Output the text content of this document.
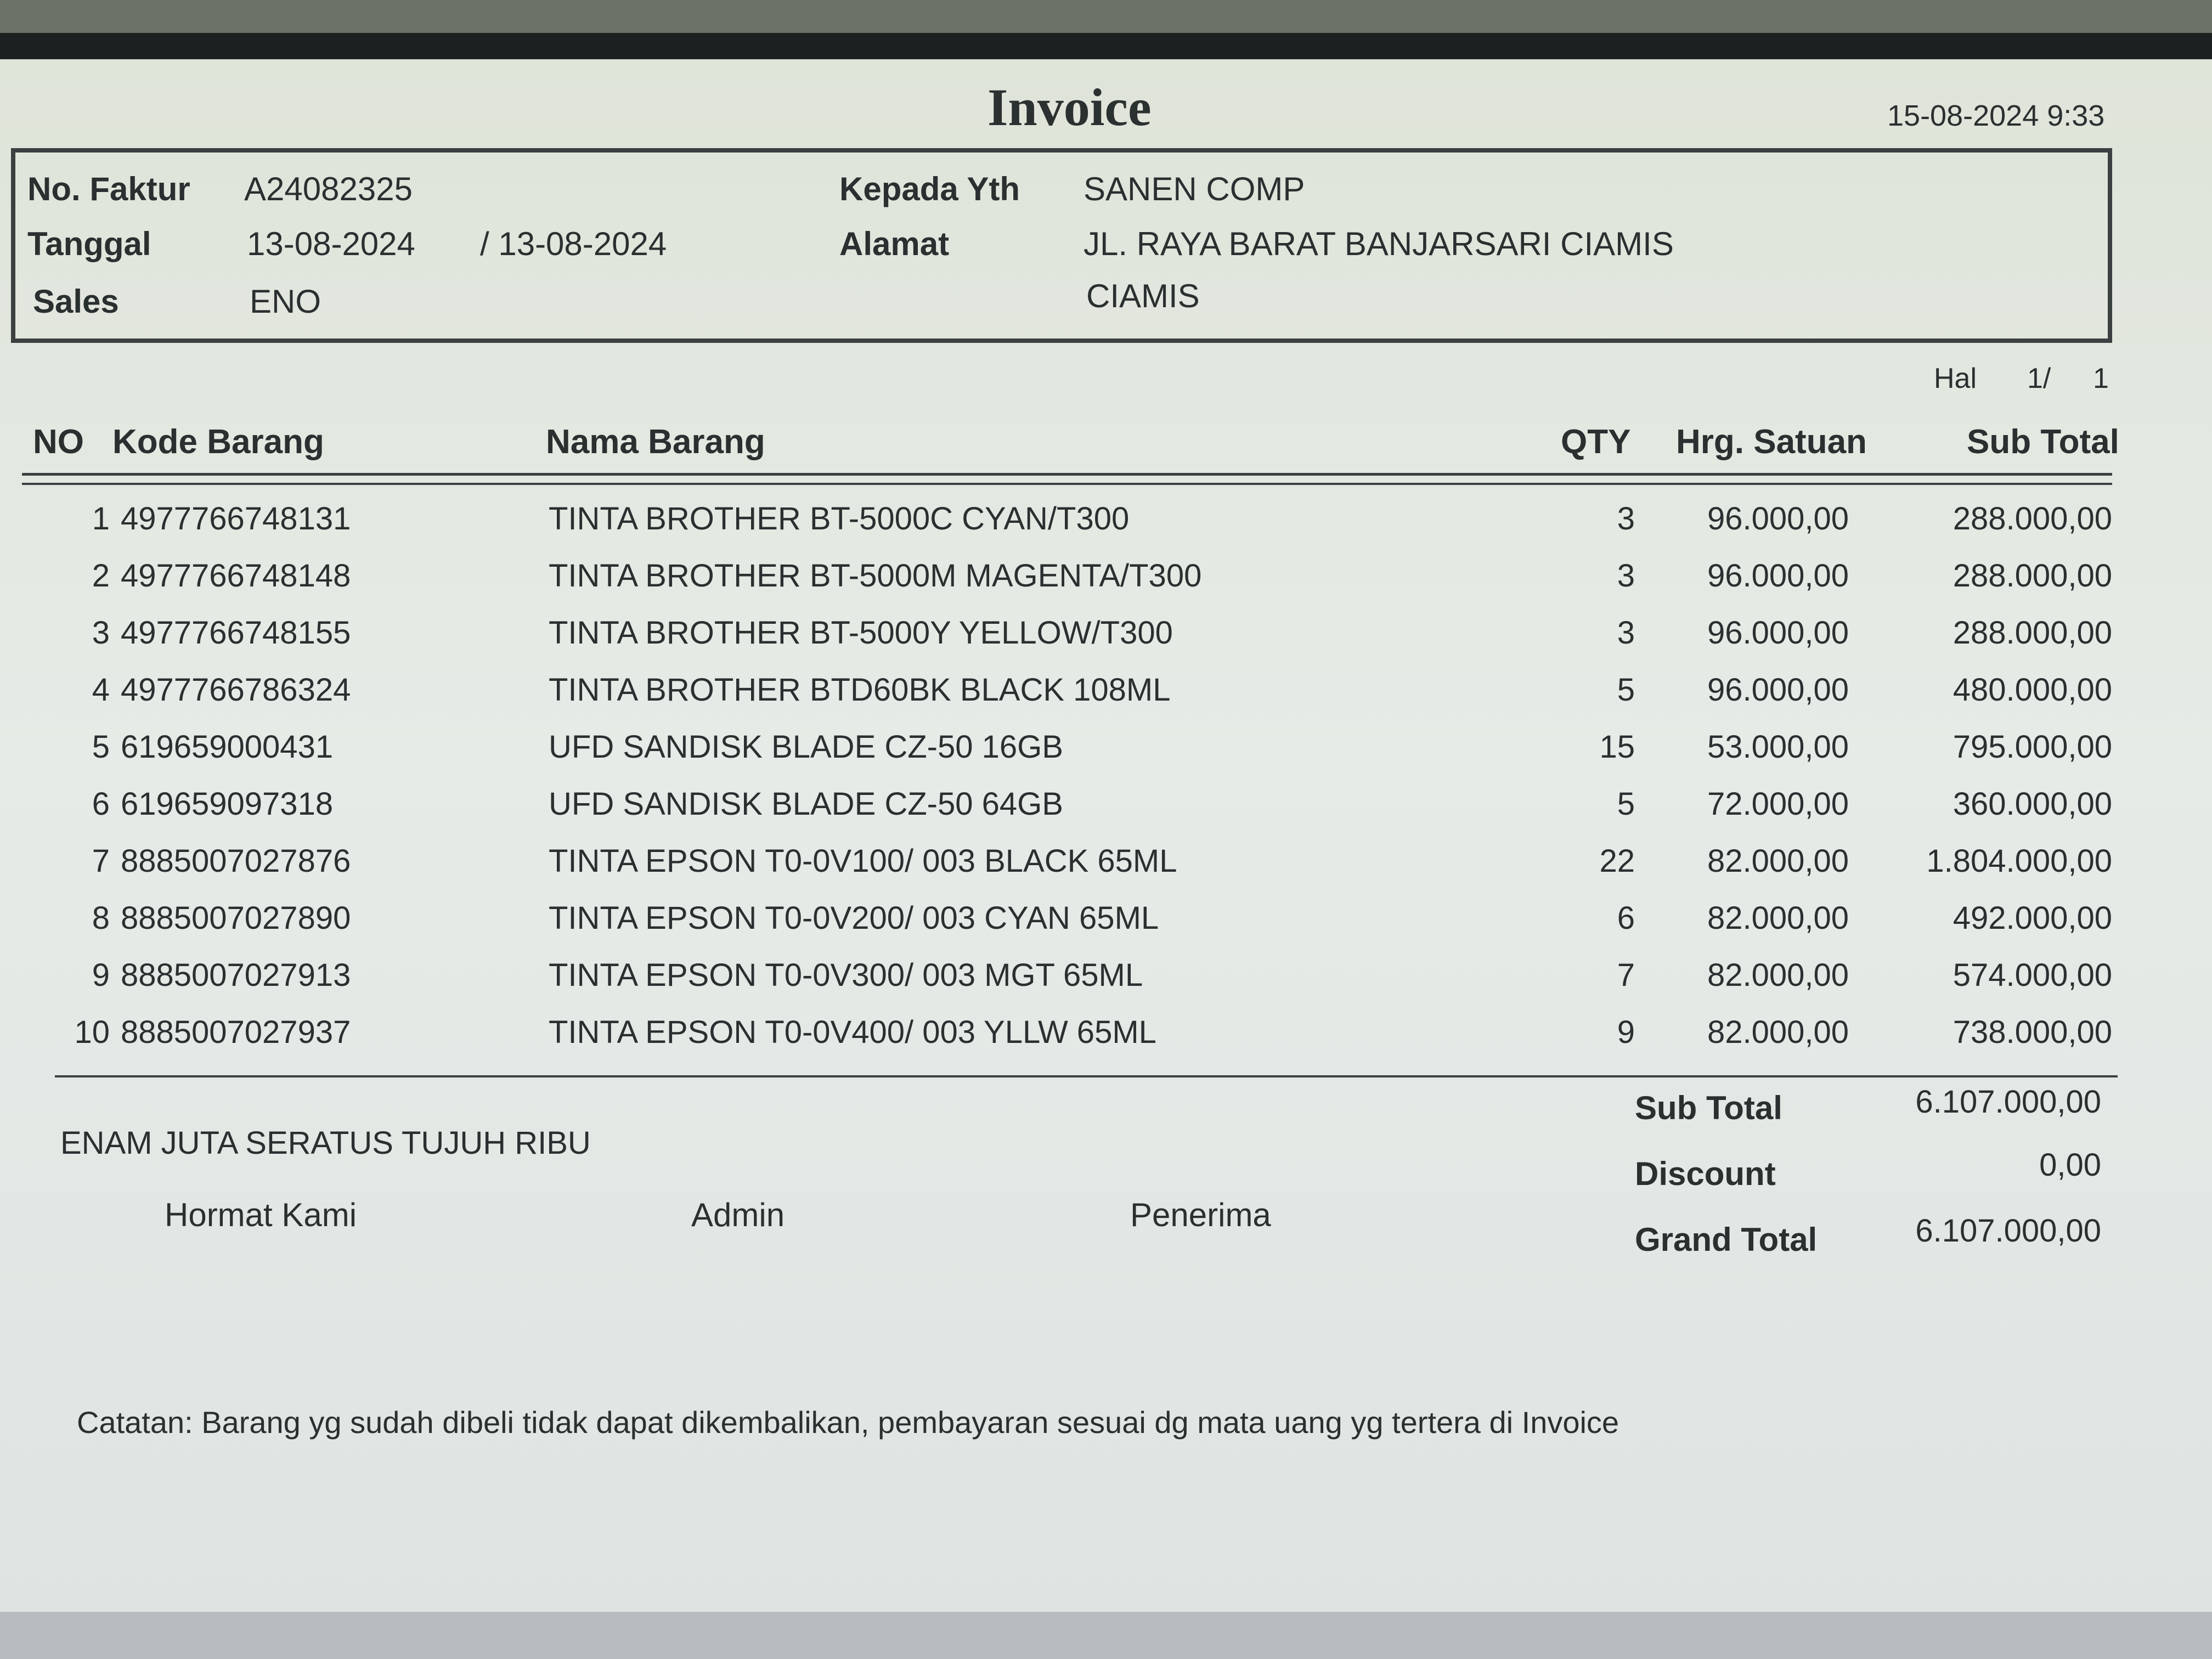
Invoice	15-08-2024 9:33
No. Faktur A24082325
Tanggal	13-08-2024 / 13-08-2024
Sales	ENO
Kepada Yth SANEN COMP
Alamat	JL. RAYA BARAT BANJARSARI CIAMIS
CIAMIS
Hal 1/ 1
NO Kode Barang	Nama Barang	QTY Hrg. Satuan	Sub Total
1 4977766748131	TINTA BROTHER BT-5000C CYAN/T300	3	96.000,00	288.000,00
2 4977766748148	TINTA BROTHER BT-5000M MAGENTA/T300	3	96.000,00	288.000,00
3 4977766748155	TINTA BROTHER BT-5000Y YELLOW/T300	3	96.000,00	288.000,00
4 4977766786324	TINTA BROTHER BTD60BK BLACK 108ML	5	96.000,00	480.000,00
5 619659000431	UFD SANDISK BLADE CZ-50 16GB	15	53.000,00	795.000,00
6 619659097318	UFD SANDISK BLADE CZ-50 64GB	5	72.000,00	360.000,00
7 8885007027876	TINTA EPSON T0-0V100/ 003 BLACK 65ML	22	82.000,00	1.804.000,00
8 8885007027890	TINTA EPSON T0-0V200/ 003 CYAN 65ML	6	82.000,00	492.000,00
9 8885007027913	TINTA EPSON T0-0V300/ 003 MGT 65ML	7	82.000,00	574.000,00
10 8885007027937	TINTA EPSON T0-0V400/ 003 YLLW 65ML	9	82.000,00	738.000,00
ENAM JUTA SERATUS TUJUH RIBU
Hormat Kami	Admin	Penerima
Sub Total	6.107.000,00
Discount	0,00
Grand Total	6.107.000,00
Catatan: Barang yg sudah dibeli tidak dapat dikembalikan, pembayaran sesuai dg mata uang yg tertera di Invoice
